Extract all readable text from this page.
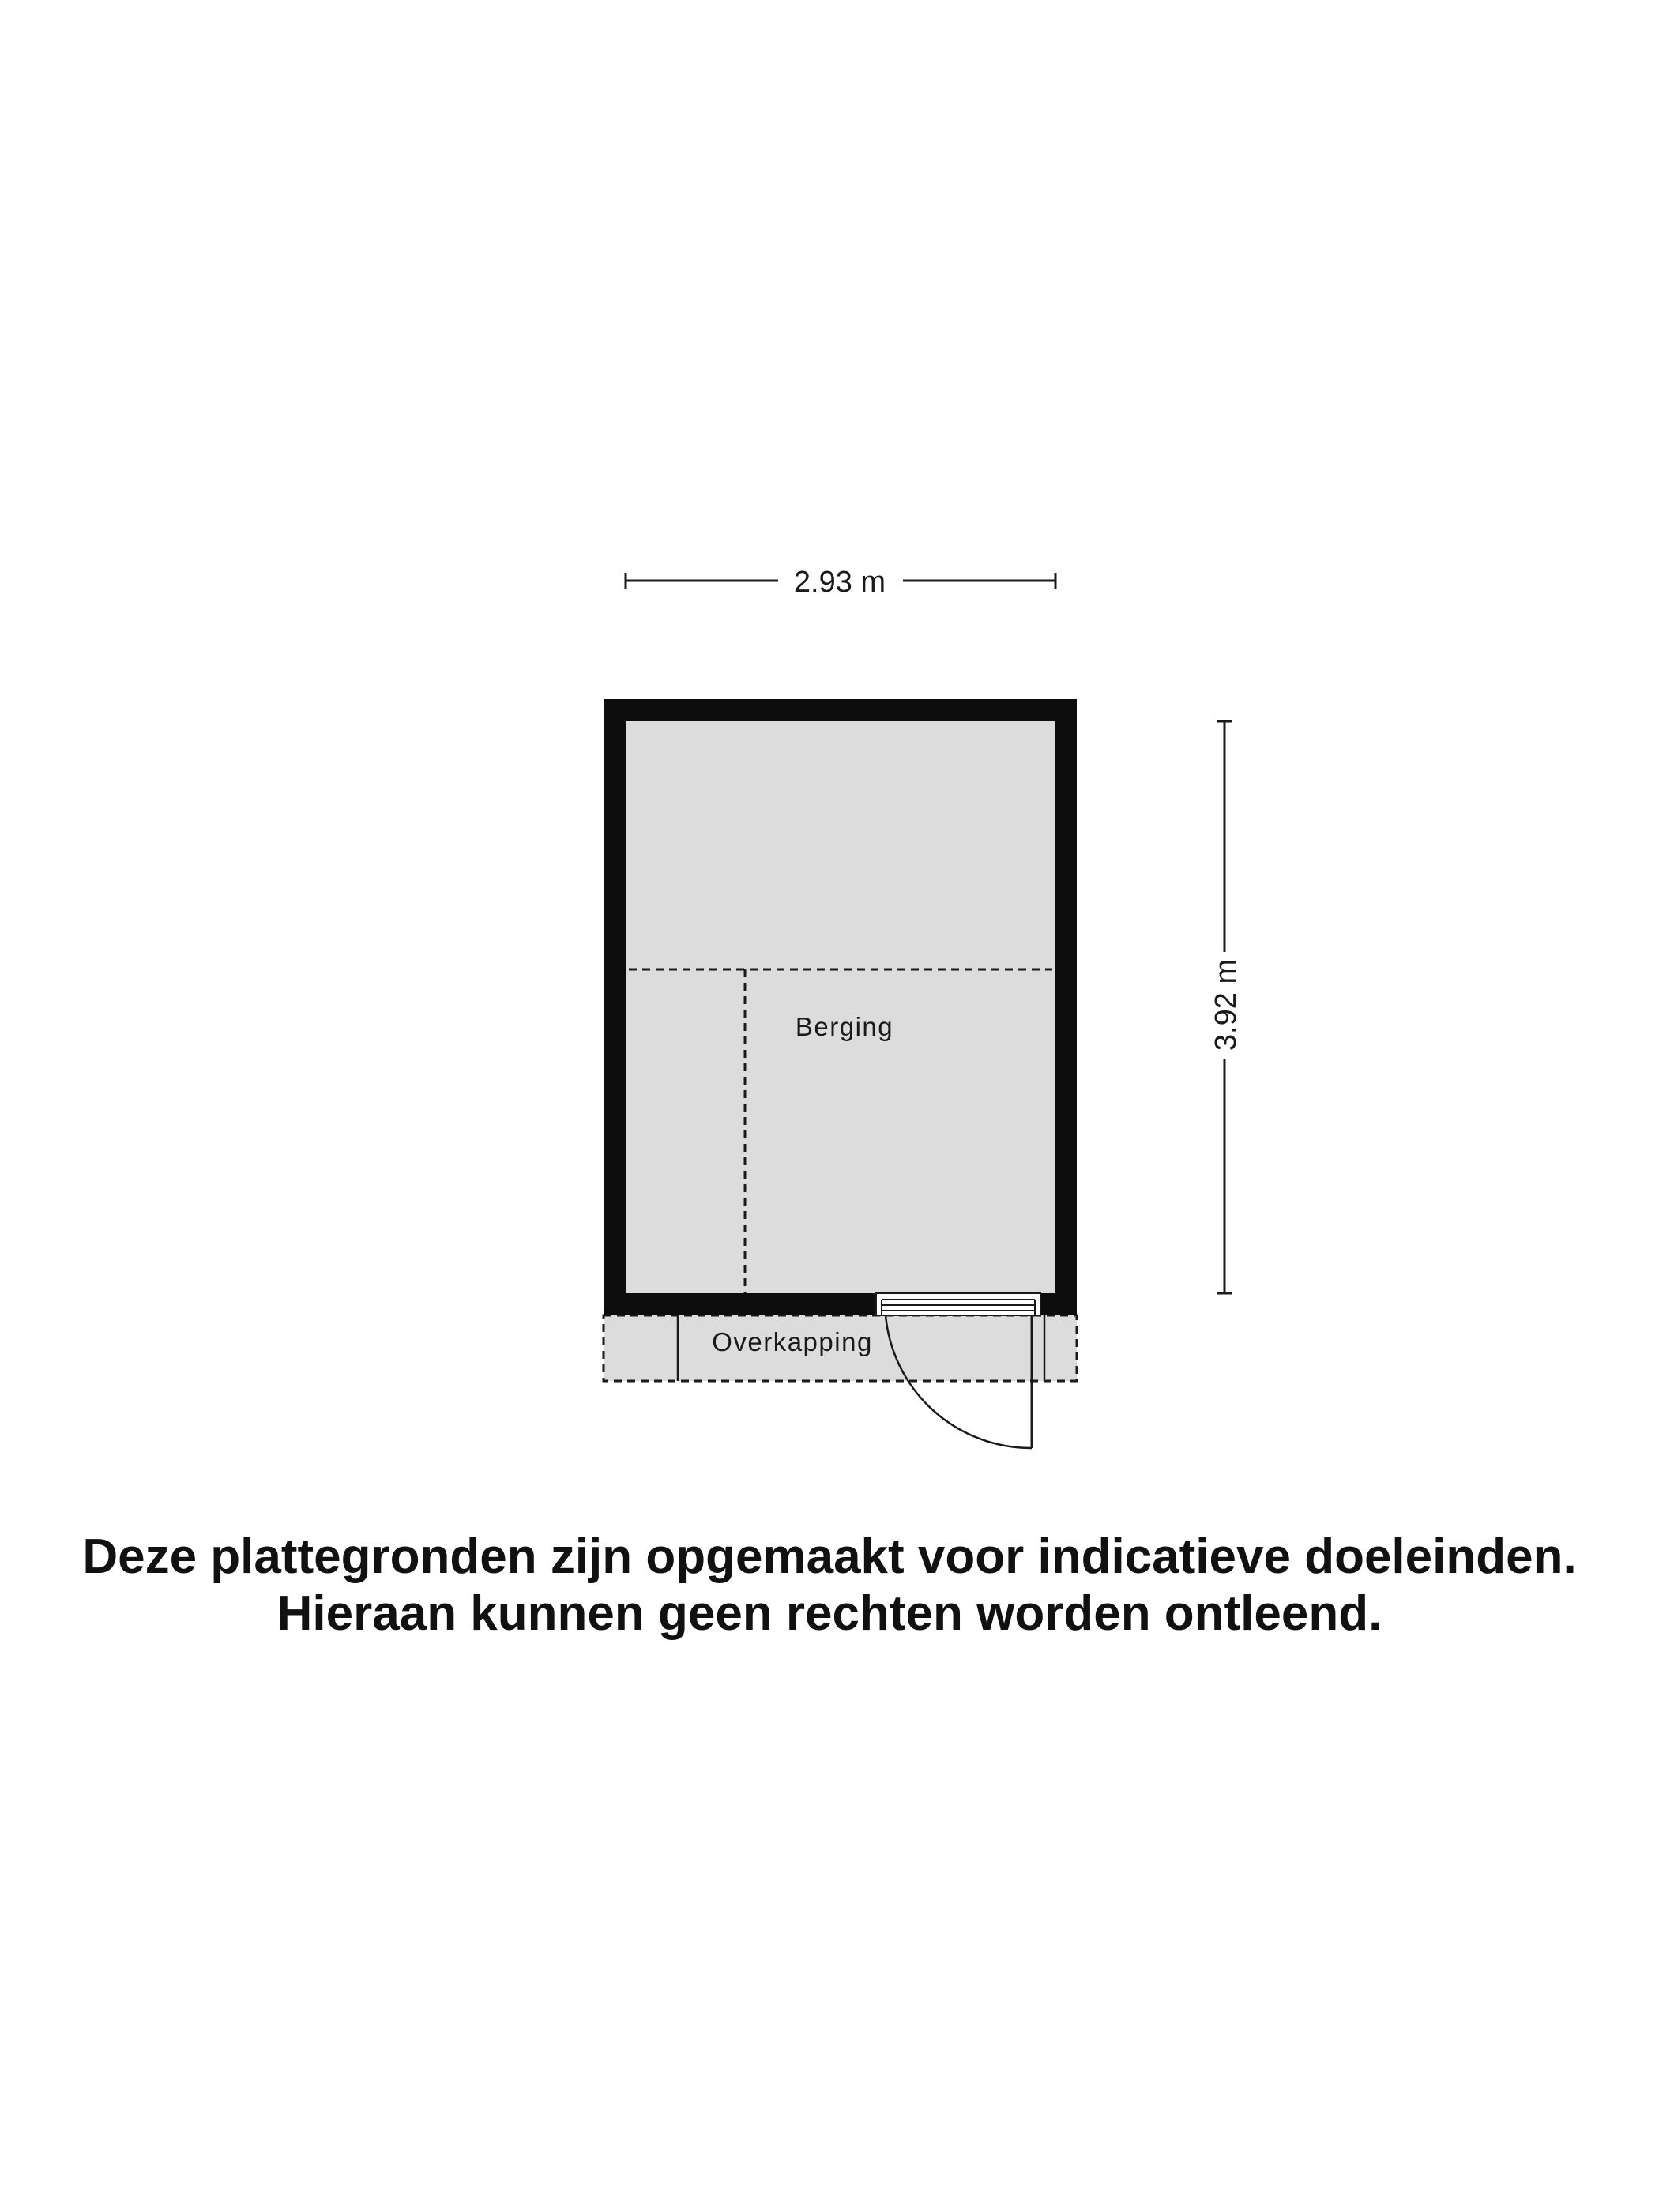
2.93 m
3.92 m
Berging
Overkapping
Deze plattegronden zijn opgemaakt voor indicatieve doeleinden.
Hieraan kunnen geen rechten worden ontleend.
